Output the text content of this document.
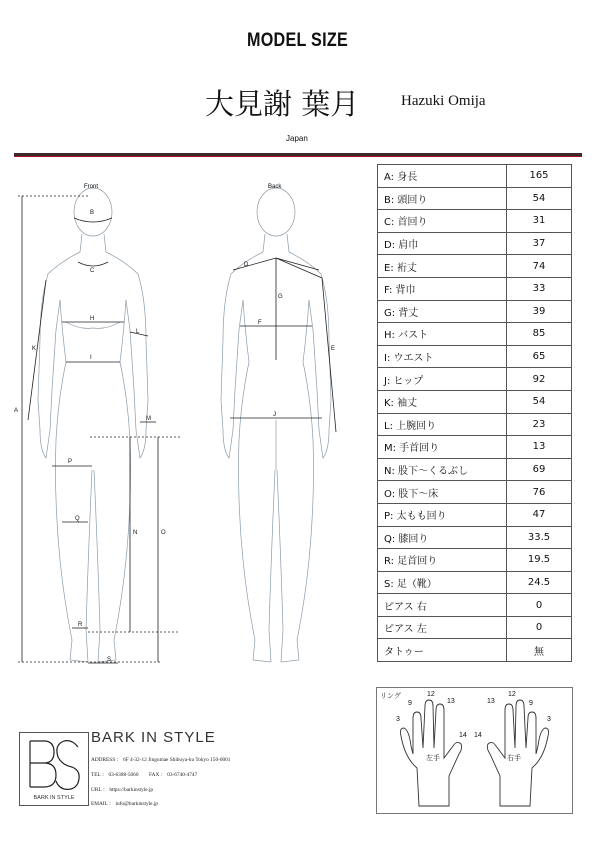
MODEL SIZE
大見謝 葉月	Hazuki Omija
Japan
Front	Back
A
B
C
D
E
F
G
H
I
J
K
L
M
N	O
P
Q
R
S
A: 身長	165
B: 頭回り	54
C: 首回り	31
D: 肩巾	37
E: 裄丈	74
F: 背巾	33
G: 背丈	39
H: バスト	85
I: ウエスト	65
J: ヒップ	92
K: 袖丈	54
L: 上腕回り	23
M: 手首回り	13
N: 股下～くるぶし	69
O: 股下～床	76
P: 太もも回り	47
Q: 膝回り	33.5
R: 足首回り	19.5
S: 足（靴）	24.5
ピアス 右	0
ピアス 左	0
タトゥー	無
リング
左手	右手
3
9
12
13
14
3
9
12
13
14
BARK IN STYLE
BARK IN STYLE
ADDRESS ： 6F 4-32-12 Jingumae Shibuya-ku Tokyo 150-0001
TEL ： 03-6388-5060　　FAX ： 03-6740-4747
URL ： https://barkinstyle.jp
EMAIL ： info@barkinstyle.jp
